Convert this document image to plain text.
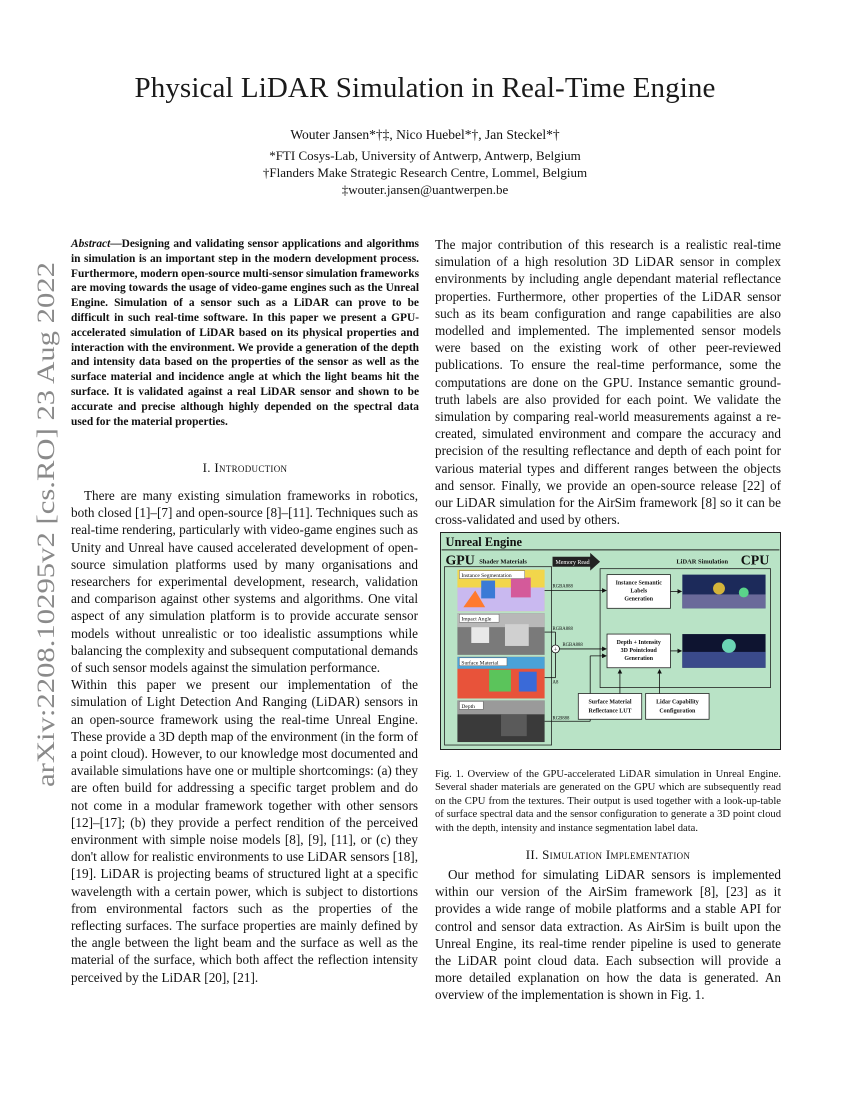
arXiv:2208.10295v2 [cs.RO] 23 Aug 2022
Physical LiDAR Simulation in Real-Time Engine
Wouter Jansen*†‡, Nico Huebel*†, Jan Steckel*†
*FTI Cosys-Lab, University of Antwerp, Antwerp, Belgium
†Flanders Make Strategic Research Centre, Lommel, Belgium
‡wouter.jansen@uantwerpen.be
Abstract—Designing and validating sensor applications and algorithms in simulation is an important step in the modern development process. Furthermore, modern open-source multi-sensor simulation frameworks are moving towards the usage of video-game engines such as the Unreal Engine. Simulation of a sensor such as a LiDAR can prove to be difficult in such real-time software. In this paper we present a GPU-accelerated simulation of LiDAR based on its physical properties and interaction with the environment. We provide a generation of the depth and intensity data based on the properties of the sensor as well as the surface material and incidence angle at which the light beams hit the surface. It is validated against a real LiDAR sensor and shown to be accurate and precise although highly depended on the spectral data used for the material properties.
I. Introduction

There are many existing simulation frameworks in robotics, both closed [1]–[7] and open-source [8]–[11]. Techniques such as real-time rendering, particularly with video-game engines such as Unity and Unreal have caused accelerated development of open-source simulation platforms used by many organisations and researchers for experimental development, research, validation and comparison against other systems and algorithms. One vital aspect of any simulation platform is to provide accurate sensor models without unrealistic or too idealistic assumptions while balancing the complexity and subsequent computational demands of such sensor models against the simulation performance.

Within this paper we present our implementation of the simulation of Light Detection And Ranging (LiDAR) sensors in an open-source framework using the real-time Unreal Engine. These provide a 3D depth map of the environment (in the form of a point cloud). However, to our knowledge most documented and available simulations have one or multiple shortcomings: (a) they are often build for addressing a specific target problem and do not come in a modular framework together with other sensors [12]–[17]; (b) they provide a perfect rendition of the perceived environment with simple noise models [8], [9], [11], or (c) they don't allow for realistic environments to use LiDAR sensors [18], [19]. LiDAR is projecting beams of structured light at a specific wavelength with a certain power, which is subject to distortions from environmental factors such as the properties of the reflecting surfaces. The surface properties are mainly defined by the angle between the light beam and the surface as well as the material of the surface, which both affect the reflection intensity perceived by the LiDAR [20], [21].

The major contribution of this research is a realistic real-time simulation of a high resolution 3D LiDAR sensor in complex environments by including angle dependant material reflectance properties. Furthermore, other properties of the LiDAR sensor such as its beam configuration and range capabilities are also modelled and implemented. The implemented sensor models were based on the existing work of other peer-reviewed publications. To ensure the real-time performance, some the computations are done on the GPU. Instance semantic ground-truth labels are also provided for each point. We validate the simulation by comparing real-world measurements against a re-created, simulated environment and compare the accuracy and precision of the resulting reflectance and depth of each point for various material types and different ranges between the objects and sensor. Finally, we provide an open-source release [22] of our LiDAR simulation for the AirSim framework [8] so it can be cross-validated and used by others.

Unreal Engine
GPU Shader Materials
Instance Segmentation
Impact Angle
Surface Material
Depth
Memory Read	LiDAR Simulation CPU
Instance Semantic
Labels
Generation
Depth + Intensity
3D Pointcloud
Generation
RGBA888
RGBA888
+
RGBA888
A8
RGB888
Surface Material
Reflectance LUT
Lidar Capability
Configuration
Fig. 1. Overview of the GPU-accelerated LiDAR simulation in Unreal Engine. Several shader materials are generated on the GPU which are subsequently read on the CPU from the textures. Their output is used together with a look-up-table of surface spectral data and the sensor configuration to generate a 3D point cloud with the depth, intensity and instance segmentation label data.
II. Simulation Implementation

Our method for simulating LiDAR sensors is implemented within our version of the AirSim framework [8], [23] as it provides a wide range of mobile platforms and a stable API for control and sensor data extraction. As AirSim is built upon the Unreal Engine, its real-time render pipeline is used to generate the LiDAR point cloud data. Each subsection will provide a more detailed explanation on how the data is generated. An overview of the implementation is shown in Fig. 1.
